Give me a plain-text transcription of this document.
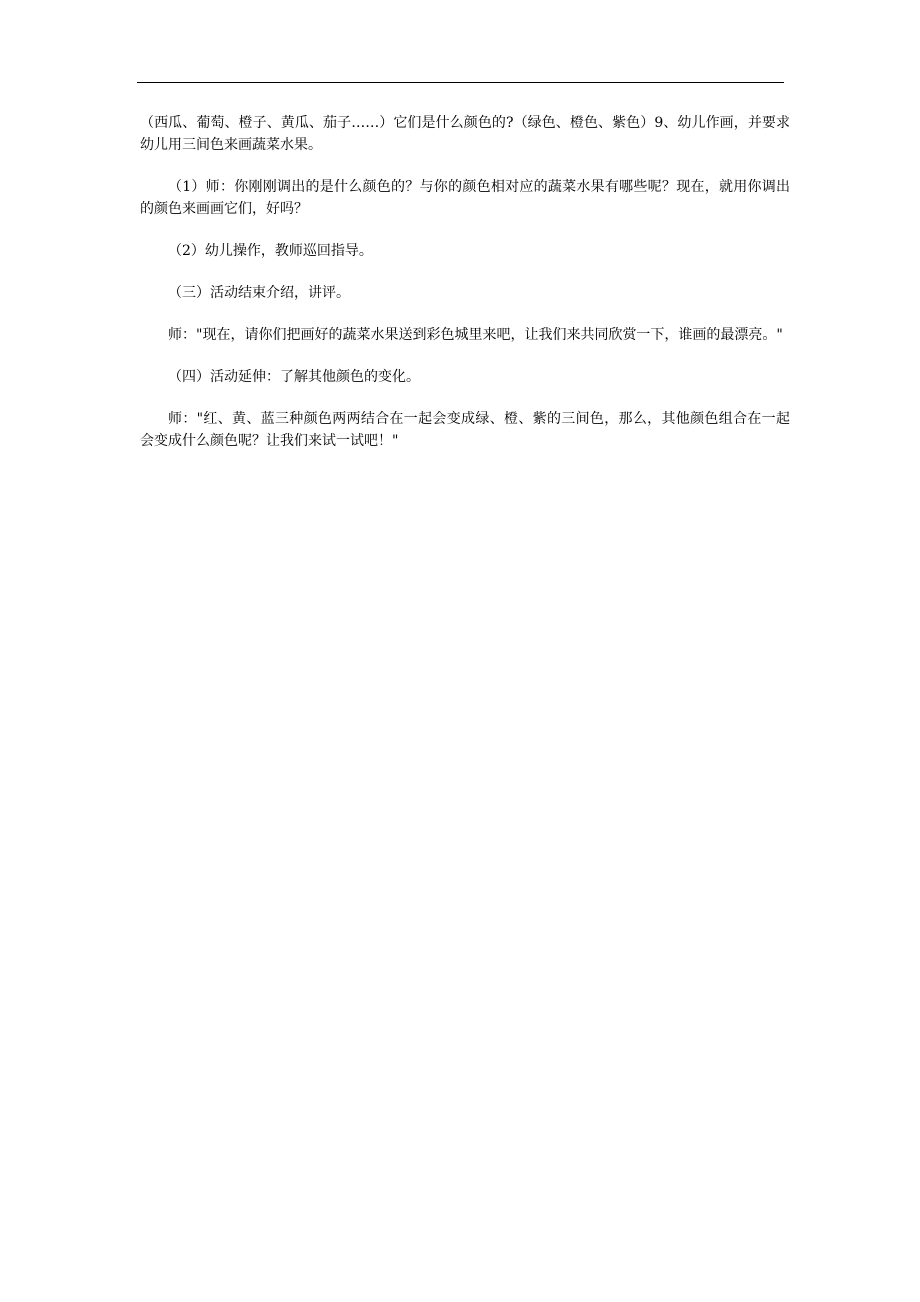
（西瓜、葡萄、橙子、黄瓜、茄子……）它们是什么颜色的?（绿色、橙色、紫色）9、幼儿作画，并要求幼儿用三间色来画蔬菜水果。

（1）师：你刚刚调出的是什么颜色的？与你的颜色相对应的蔬菜水果有哪些呢？现在，就用你调出的颜色来画画它们，好吗？

（2）幼儿操作，教师巡回指导。

（三）活动结束介绍，讲评。

师："现在，请你们把画好的蔬菜水果送到彩色城里来吧，让我们来共同欣赏一下，谁画的最漂亮。"

（四）活动延伸：了解其他颜色的变化。

师："红、黄、蓝三种颜色两两结合在一起会变成绿、橙、紫的三间色，那么，其他颜色组合在一起会变成什么颜色呢？让我们来试一试吧！"
